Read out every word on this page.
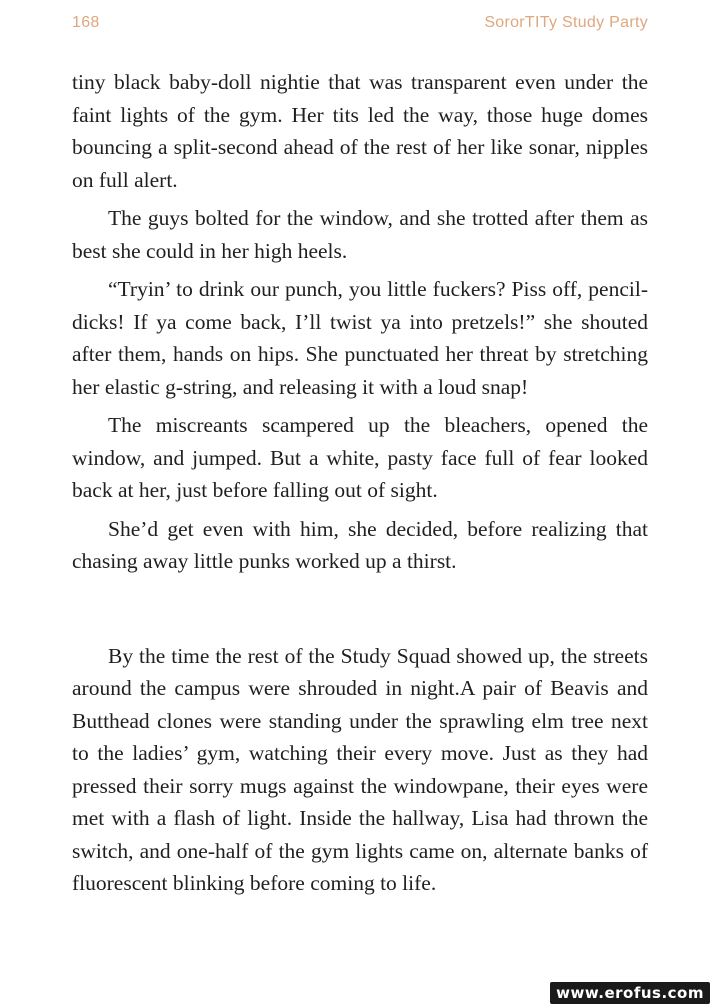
168	SororTITy Study Party

tiny black baby-doll nightie that was transparent even under the faint lights of the gym. Her tits led the way, those huge domes bouncing a split-second ahead of the rest of her like sonar, nipples on full alert.

The guys bolted for the window, and she trotted after them as best she could in her high heels.

“Tryin’ to drink our punch, you little fuckers? Piss off, pencil-dicks! If ya come back, I’ll twist ya into pretzels!” she shouted after them, hands on hips. She punctuated her threat by stretching her elastic g-string, and releasing it with a loud snap!

The miscreants scampered up the bleachers, opened the window, and jumped. But a white, pasty face full of fear looked back at her, just before falling out of sight.

She’d get even with him, she decided, before realizing that chasing away little punks worked up a thirst.

By the time the rest of the Study Squad showed up, the streets around the campus were shrouded in night.A pair of Beavis and Butthead clones were standing under the sprawling elm tree next to the ladies’ gym, watching their every move. Just as they had pressed their sorry mugs against the windowpane, their eyes were met with a flash of light. Inside the hallway, Lisa had thrown the switch, and one-half of the gym lights came on, alternate banks of fluorescent blinking before coming to life.

www.erofus.com
